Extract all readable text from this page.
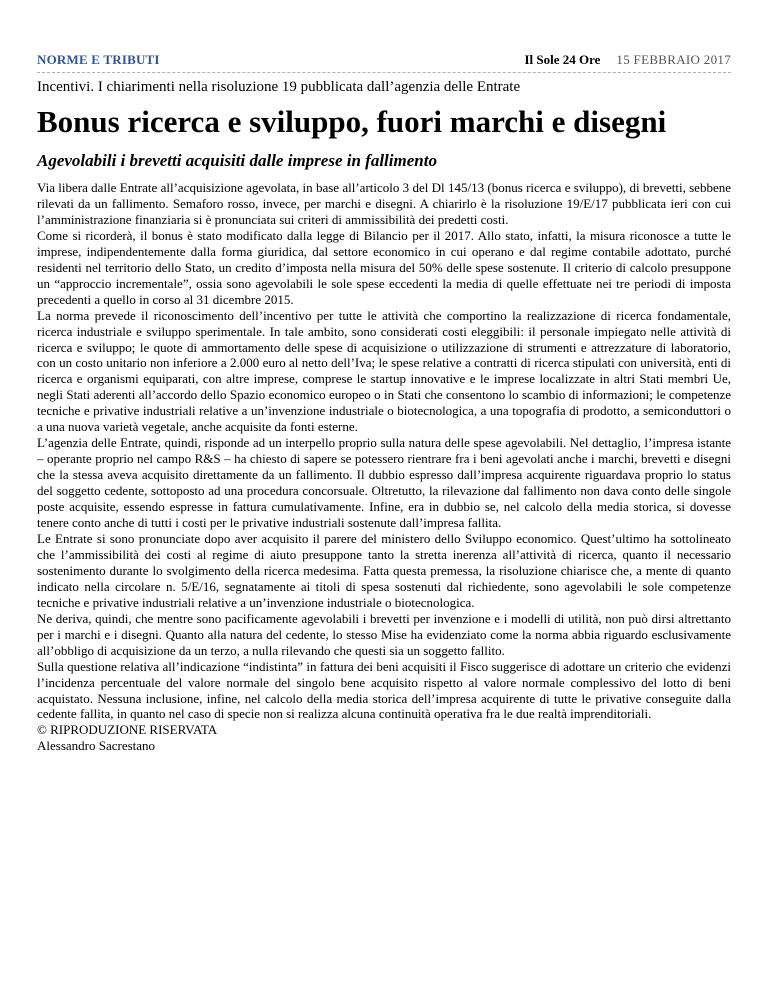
NORME E TRIBUTI	Il Sole 24 Ore 15 FEBBRAIO 2017
Incentivi. I chiarimenti nella risoluzione 19 pubblicata dall’agenzia delle Entrate
Bonus ricerca e sviluppo, fuori marchi e disegni
Agevolabili i brevetti acquisiti dalle imprese in fallimento

Via libera dalle Entrate all’acquisizione agevolata, in base all’articolo 3 del Dl 145/13 (bonus ricerca e sviluppo), di brevetti, sebbene rilevati da un fallimento. Semaforo rosso, invece, per marchi e disegni. A chiarirlo è la risoluzione 19/E/17 pubblicata ieri con cui l’amministrazione finanziaria si è pronunciata sui criteri di ammissibilità dei predetti costi.

Come si ricorderà, il bonus è stato modificato dalla legge di Bilancio per il 2017. Allo stato, infatti, la misura riconosce a tutte le imprese, indipendentemente dalla forma giuridica, dal settore economico in cui operano e dal regime contabile adottato, purché residenti nel territorio dello Stato, un credito d’imposta nella misura del 50% delle spese sostenute. Il criterio di calcolo presuppone un “approccio incrementale”, ossia sono agevolabili le sole spese eccedenti la media di quelle effettuate nei tre periodi di imposta precedenti a quello in corso al 31 dicembre 2015.

La norma prevede il riconoscimento dell’incentivo per tutte le attività che comportino la realizzazione di ricerca fondamentale, ricerca industriale e sviluppo sperimentale. In tale ambito, sono considerati costi eleggibili: il personale impiegato nelle attività di ricerca e sviluppo; le quote di ammortamento delle spese di acquisizione o utilizzazione di strumenti e attrezzature di laboratorio, con un costo unitario non inferiore a 2.000 euro al netto dell’Iva; le spese relative a contratti di ricerca stipulati con università, enti di ricerca e organismi equiparati, con altre imprese, comprese le startup innovative e le imprese localizzate in altri Stati membri Ue, negli Stati aderenti all’accordo dello Spazio economico europeo o in Stati che consentono lo scambio di informazioni; le competenze tecniche e privative industriali relative a un’invenzione industriale o biotecnologica, a una topografia di prodotto, a semiconduttori o a una nuova varietà vegetale, anche acquisite da fonti esterne.

L’agenzia delle Entrate, quindi, risponde ad un interpello proprio sulla natura delle spese agevolabili. Nel dettaglio, l’impresa istante – operante proprio nel campo R&S – ha chiesto di sapere se potessero rientrare fra i beni agevolati anche i marchi, brevetti e disegni che la stessa aveva acquisito direttamente da un fallimento. Il dubbio espresso dall’impresa acquirente riguardava proprio lo status del soggetto cedente, sottoposto ad una procedura concorsuale. Oltretutto, la rilevazione dal fallimento non dava conto delle singole poste acquisite, essendo espresse in fattura cumulativamente. Infine, era in dubbio se, nel calcolo della media storica, si dovesse tenere conto anche di tutti i costi per le privative industriali sostenute dall’impresa fallita.

Le Entrate si sono pronunciate dopo aver acquisito il parere del ministero dello Sviluppo economico. Quest’ultimo ha sottolineato che l’ammissibilità dei costi al regime di aiuto presuppone tanto la stretta inerenza all’attività di ricerca, quanto il necessario sostenimento durante lo svolgimento della ricerca medesima. Fatta questa premessa, la risoluzione chiarisce che, a mente di quanto indicato nella circolare n. 5/E/16, segnatamente ai titoli di spesa sostenuti dal richiedente, sono agevolabili le sole competenze tecniche e privative industriali relative a un’invenzione industriale o biotecnologica.

Ne deriva, quindi, che mentre sono pacificamente agevolabili i brevetti per invenzione e i modelli di utilità, non può dirsi altrettanto per i marchi e i disegni. Quanto alla natura del cedente, lo stesso Mise ha evidenziato come la norma abbia riguardo esclusivamente all’obbligo di acquisizione da un terzo, a nulla rilevando che questi sia un soggetto fallito.

Sulla questione relativa all’indicazione “indistinta” in fattura dei beni acquisiti il Fisco suggerisce di adottare un criterio che evidenzi l’incidenza percentuale del valore normale del singolo bene acquisito rispetto al valore normale complessivo del lotto di beni acquistato. Nessuna inclusione, infine, nel calcolo della media storica dell’impresa acquirente di tutte le privative conseguite dalla cedente fallita, in quanto nel caso di specie non si realizza alcuna continuità operativa fra le due realtà imprenditoriali.

© RIPRODUZIONE RISERVATA

Alessandro Sacrestano
